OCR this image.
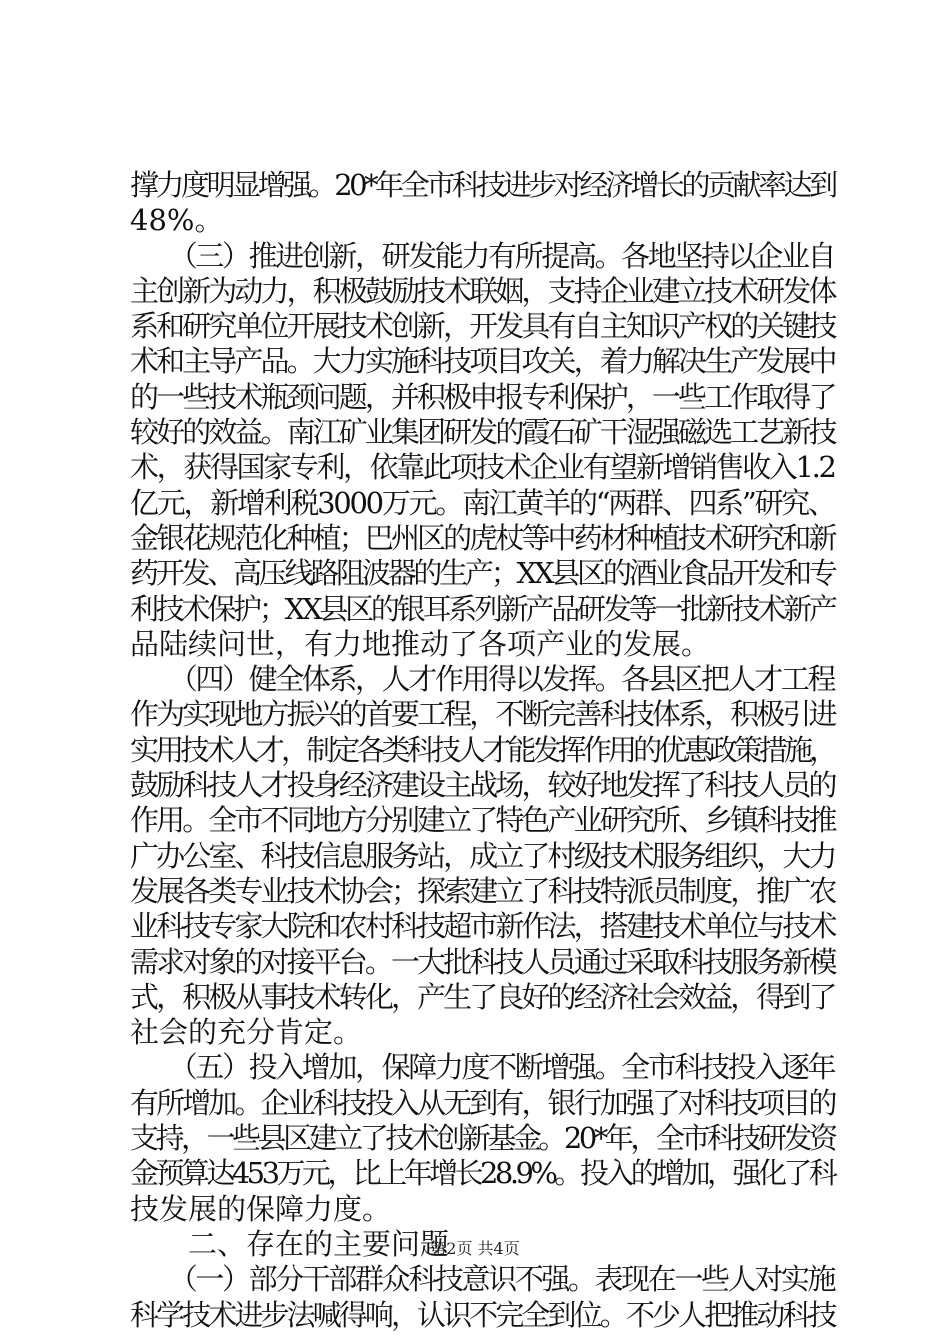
撑力度明显增强。20*年全市科技进步对经济增长的贡献率达到
48%。
　　（三）推进创新，研发能力有所提高。各地坚持以企业自
主创新为动力，积极鼓励技术联姻，支持企业建立技术研发体
系和研究单位开展技术创新，开发具有自主知识产权的关键技
术和主导产品。大力实施科技项目攻关，着力解决生产发展中
的一些技术瓶颈问题，并积极申报专利保护，一些工作取得了
较好的效益。南江矿业集团研发的霞石矿干湿强磁选工艺新技
术，获得国家专利，依靠此项技术企业有望新增销售收入1.2
亿元，新增利税3000万元。南江黄羊的“两群、四系”研究、
金银花规范化种植；巴州区的虎杖等中药材种植技术研究和新
药开发、高压线路阻波器的生产；XX县区的酒业食品开发和专
利技术保护；XX县区的银耳系列新产品研发等一批新技术新产
品陆续问世，有力地推动了各项产业的发展。
　　（四）健全体系，人才作用得以发挥。各县区把人才工程
作为实现地方振兴的首要工程，不断完善科技体系，积极引进
实用技术人才，制定各类科技人才能发挥作用的优惠政策措施，
鼓励科技人才投身经济建设主战场，较好地发挥了科技人员的
作用。全市不同地方分别建立了特色产业研究所、乡镇科技推
广办公室、科技信息服务站，成立了村级技术服务组织，大力
发展各类专业技术协会；探索建立了科技特派员制度，推广农
业科技专家大院和农村科技超市新作法，搭建技术单位与技术
需求对象的对接平台。一大批科技人员通过采取科技服务新模
式，积极从事技术转化，产生了良好的经济社会效益，得到了
社会的充分肯定。
　　（五）投入增加，保障力度不断增强。全市科技投入逐年
有所增加。企业科技投入从无到有，银行加强了对科技项目的
支持，一些县区建立了技术创新基金。20*年，全市科技研发资
金预算达453万元，比上年增长28.9%。投入的增加，强化了科
技发展的保障力度。
　　二、存在的主要问题
　　（一）部分干部群众科技意识不强。表现在一些人对实施
科学技术进步法喊得响，认识不完全到位。不少人把推动科技
第2页 共4页
